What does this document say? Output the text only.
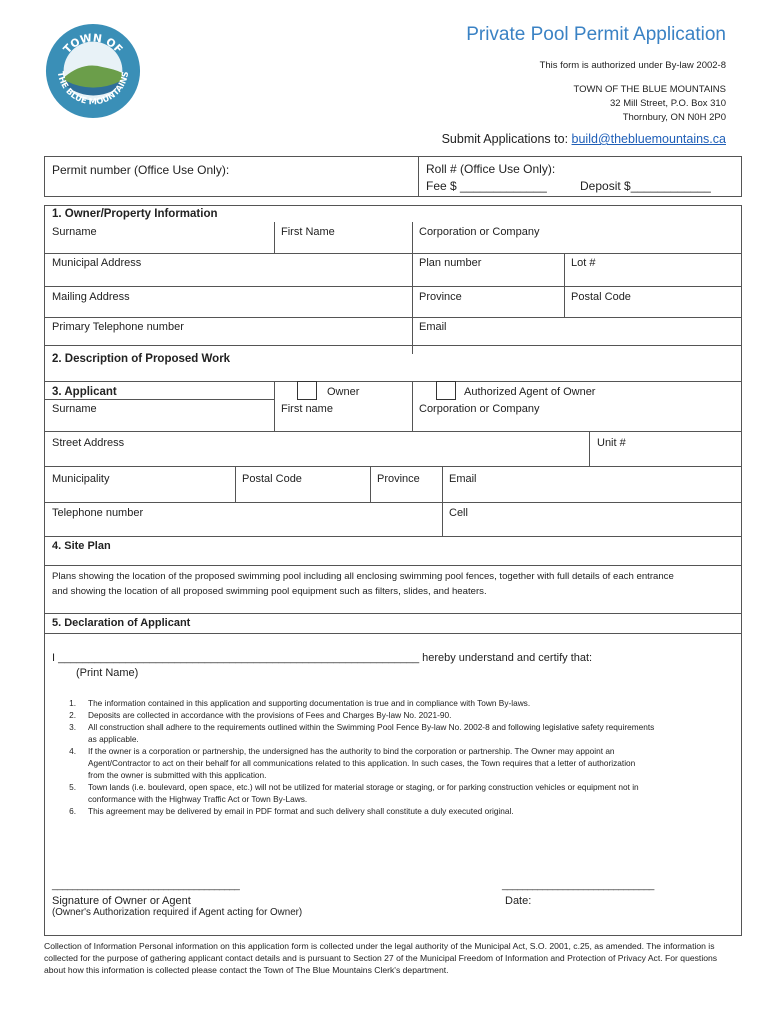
TOWN OF
THE BLUE MOUNTAINS
Private Pool Permit Application
This form is authorized under By-law 2002-8
TOWN OF THE BLUE MOUNTAINS
32 Mill Street, P.O. Box 310
Thornbury, ON N0H 2P0
Submit Applications to: build@thebluemountains.ca
Permit number (Office Use Only):	Roll # (Office Use Only):
Fee $ _____________	Deposit $____________
1. Owner/Property Information
Surname	First Name	Corporation or Company
Municipal Address	Plan number	Lot #
Mailing Address	Province	Postal Code
Primary Telephone number	Email
2. Description of Proposed Work
3. Applicant	Owner	Authorized Agent of Owner
Surname	First name	Corporation or Company
Street Address	Unit #
Municipality	Postal Code	Province	Email
Telephone number	Cell
4. Site Plan
Plans showing the location of the proposed swimming pool including all enclosing swimming pool fences, together with full details of each entrance
and showing the location of all proposed swimming pool equipment such as filters, slides, and heaters.
5. Declaration of Applicant
I ___________________________________________________________ hereby understand and certify that:
(Print Name)
1. The information contained in this application and supporting documentation is true and in compliance with Town By-laws.
2. Deposits are collected in accordance with the provisions of Fees and Charges By-law No. 2021-90.
3. All construction shall adhere to the requirements outlined within the Swimming Pool Fence By-law No. 2002-8 and following legislative safety requirements
as applicable.
4. If the owner is a corporation or partnership, the undersigned has the authority to bind the corporation or partnership. The Owner may appoint an
Agent/Contractor to act on their behalf for all communications related to this application. In such cases, the Town requires that a letter of authorization
from the owner is submitted with this application.
5. Town lands (i.e. boulevard, open space, etc.) will not be utilized for material storage or staging, or for parking construction vehicles or equipment not in
conformance with the Highway Traffic Act or Town By-Laws.
6. This agreement may be delivered by email in PDF format and such delivery shall constitute a duly executed original.
_____________________________________
Signature of Owner or Agent
(Owner's Authorization required if Agent acting for Owner)
______________________________
Date:
Collection of Information Personal information on this application form is collected under the legal authority of the Municipal Act, S.O. 2001, c.25, as amended. The information is collected for the purpose of gathering applicant contact details and is pursuant to Section 27 of the Municipal Freedom of Information and Protection of Privacy Act. For questions about how this information is collected please contact the Town of The Blue Mountains Clerk's department.
